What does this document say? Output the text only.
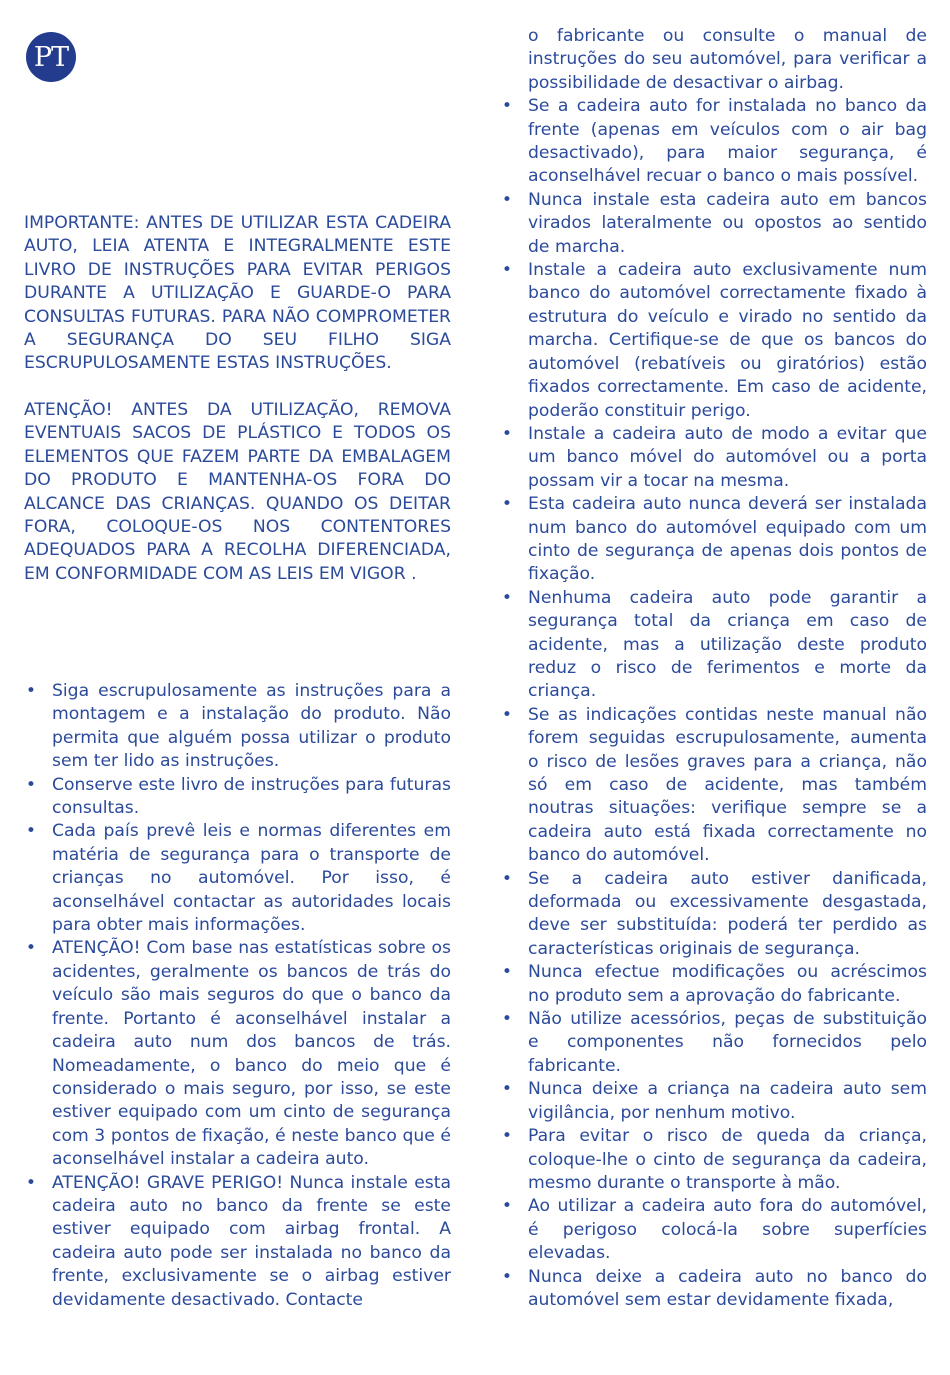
PT
IMPORTANTE: ANTES DE UTILIZAR ESTA CADEIRA AUTO, LEIA ATENTA E INTEGRALMENTE ESTE LIVRO DE INSTRUÇÕES PARA EVITAR PERIGOS DURANTE A UTILIZAÇÃO E GUARDE-O PARA CONSULTAS FUTURAS. PARA NÃO COMPROMETER A SEGURANÇA DO SEU FILHO SIGA ESCRUPULOSAMENTE ESTAS INSTRUÇÕES.
ATENÇÃO! ANTES DA UTILIZAÇÃO, REMOVA EVENTUAIS SACOS DE PLÁSTICO E TODOS OS ELEMENTOS QUE FAZEM PARTE DA EMBALAGEM DO PRODUTO E MANTENHA-OS FORA DO ALCANCE DAS CRIANÇAS. QUANDO OS DEITAR FORA, COLOQUE-OS NOS CONTENTORES ADEQUADOS PARA A RECOLHA DIFERENCIADA, EM CONFORMIDADE COM AS LEIS EM VIGOR .
• Siga escrupulosamente as instruções para a montagem e a instalação do produto. Não permita que alguém possa utilizar o produto sem ter lido as instruções.
• Conserve este livro de instruções para futuras consultas.
• Cada país prevê leis e normas diferentes em matéria de segurança para o transporte de crianças no automóvel. Por isso, é aconselhável contactar as autoridades locais para obter mais informações.
• ATENÇÃO! Com base nas estatísticas sobre os acidentes, geralmente os bancos de trás do veículo são mais seguros do que o banco da frente. Portanto é aconselhável instalar a cadeira auto num dos bancos de trás. Nomeadamente, o banco do meio que é considerado o mais seguro, por isso, se este estiver equipado com um cinto de segurança com 3 pontos de fixação, é neste banco que é aconselhável instalar a cadeira auto.
• ATENÇÃO! GRAVE PERIGO! Nunca instale esta cadeira auto no banco da frente se este estiver equipado com airbag frontal. A cadeira auto pode ser instalada no banco da frente, exclusivamente se o airbag estiver devidamente desactivado. Contacte
o fabricante ou consulte o manual de instruções do seu automóvel, para verificar a possibilidade de desactivar o airbag.
• Se a cadeira auto for instalada no banco da frente (apenas em veículos com o air bag desactivado), para maior segurança, é aconselhável recuar o banco o mais possível.
• Nunca instale esta cadeira auto em bancos virados lateralmente ou opostos ao sentido de marcha.
• Instale a cadeira auto exclusivamente num banco do automóvel correctamente fixado à estrutura do veículo e virado no sentido da marcha. Certifique-se de que os bancos do automóvel (rebatíveis ou giratórios) estão fixados correctamente. Em caso de acidente, poderão constituir perigo.
• Instale a cadeira auto de modo a evitar que um banco móvel do automóvel ou a porta possam vir a tocar na mesma.
• Esta cadeira auto nunca deverá ser instalada num banco do automóvel equipado com um cinto de segurança de apenas dois pontos de fixação.
• Nenhuma cadeira auto pode garantir a segurança total da criança em caso de acidente, mas a utilização deste produto reduz o risco de ferimentos e morte da criança.
• Se as indicações contidas neste manual não forem seguidas escrupulosamente, aumenta o risco de lesões graves para a criança, não só em caso de acidente, mas também noutras situações: verifique sempre se a cadeira auto está fixada correctamente no banco do automóvel.
• Se a cadeira auto estiver danificada, deformada ou excessivamente desgastada, deve ser substituída: poderá ter perdido as características originais de segurança.
• Nunca efectue modificações ou acréscimos no produto sem a aprovação do fabricante.
• Não utilize acessórios, peças de substituição e componentes não fornecidos pelo fabricante.
• Nunca deixe a criança na cadeira auto sem vigilância, por nenhum motivo.
• Para evitar o risco de queda da criança, coloque-lhe o cinto de segurança da cadeira, mesmo durante o transporte à mão.
• Ao utilizar a cadeira auto fora do automóvel, é perigoso colocá-la sobre superfícies elevadas.
• Nunca deixe a cadeira auto no banco do automóvel sem estar devidamente fixada,
